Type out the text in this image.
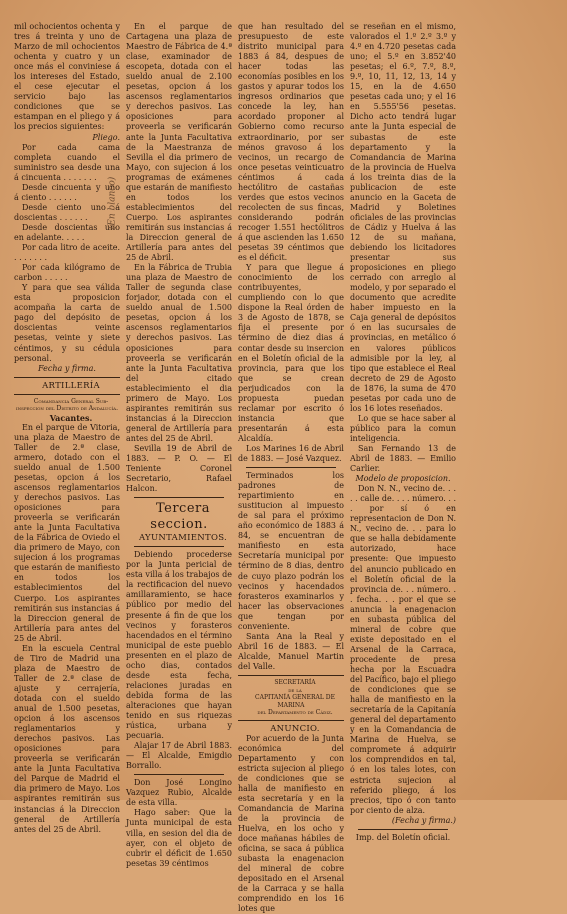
mil ochocientos ochenta y tres á treinta y uno de Marzo de mil ochocientos ochenta y cuatro y un once más el conviniese á los intereses del Estado, el cese ejecutar el servicio bajo las condiciones que se estampan en el pliego y á los precios siguientes:

Pliego.

Por cada cama completa cuando el suministro sea desde una á cincuenta . . . . . . .

Desde cincuenta y uno á ciento . . . . . .

Desde ciento uno á doscientas . . . . . .

Desde doscientas uno en adelante. . . . .

Por cada litro de aceite. . . . . . . .

Por cada kilógramo de carbon . . . . .

Y para que sea válida esta proposicion acompaña la carta de pago del depósito de doscientas veinte pesetas, veinte y siete céntimos, y su cédula personal.

Fecha y firma.

ARTILLERÍA

Comandancia General Sub-inspeccion del Distrito de Andalucía.

Vacantes.

En el parque de Vitoria, una plaza de Maestro de Taller de 2.ª clase, armero, dotado con el sueldo anual de 1.500 pesetas, opcion á los ascensos reglamentarios y derechos pasivos. Las oposiciones para proveerla se verificarán ante la Junta Facultativa de la Fábrica de Oviedo el dia primero de Mayo, con sujecion á los programas que estarán de manifiesto en todos los establecimientos del Cuerpo. Los aspirantes remitirán sus instancias á la Direccion general de Artillería para antes del 25 de Abril.

En la escuela Central de Tiro de Madrid una plaza de Maestro de Taller de 2.ª clase de ajuste y cerrajería, dotada con el sueldo anual de 1.500 pesetas, opcion á los ascensos reglamentarios y derechos pasivos. Las oposiciones para proveerla se verificarán ante la Junta Facultativa del Parque de Madrid el dia primero de Mayo. Los aspirantes remitirán sus instancias á la Direccion general de Artillería antes del 25 de Abril.

En el parque de Cartagena una plaza de Maestro de Fábrica de 4.ª clase, examinador de escopeta, dotada con el sueldo anual de 2.100 pesetas, opcion á los ascensos reglamentarios y derechos pasivos. Las oposiciones para proveerla se verificarán ante la Junta Facultativa de la Maestranza de Sevilla el dia primero de Mayo, con sujecion á los programas de exámenes que estarán de manifiesto en todos los establecimientos del Cuerpo. Los aspirantes remitirán sus instancias á la Direccion general de Artillería para antes del 25 de Abril.

En la Fábrica de Trubia una plaza de Maestro de Taller de segunda clase forjador, dotada con el sueldo anual de 1.500 pesetas, opcion á los ascensos reglamentarios y derechos pasivos. Las oposiciones para proveerla se verificarán ante la Junta Facultativa del citado establecimiento el dia primero de Mayo. Los aspirantes remitirán sus instancias á la Direccion general de Artillería para antes del 25 de Abril.

Sevilla 19 de Abril de 1883. — P. O. — El Teniente Coronel Secretario, Rafael Halcon.

Tercera seccion.

AYUNTAMIENTOS.

Debiendo procederse por la Junta pericial de esta villa á los trabajos de la rectificacion del nuevo amillaramiento, se hace público por medio del presente á fin de que los vecinos y forasteros hacendados en el término municipal de este pueblo presenten en el plazo de ocho dias, contados desde esta fecha, relaciones juradas en debida forma de las alteraciones que hayan tenido en sus riquezas rústica, urbana y pecuaria.

Alajar 17 de Abril 1883. — El Alcalde, Emigdio Borrallo.

Don José Longino Vazquez Rubio, Alcalde de esta villa.

Hago saber: Que la Junta municipal de esta villa, en sesion del dia de ayer, con el objeto de cubrir el déficit de 1.650 pesetas 39 céntimos

que han resultado del presupuesto de este distrito municipal para 1883 á 84, despues de hacer todas las economías posibles en los gastos y apurar todos los ingresos ordinarios que concede la ley, han acordado proponer al Gobierno como recurso extraordinario, por ser ménos gravoso á los vecinos, un recargo de once pesetas veinticuatro céntimos á cada hectólitro de castañas verdes que estos vecinos recolecten de sus fincas, considerando podrán recoger 1.551 hectólitros á que ascienden las 1.650 pesetas 39 céntimos que es el déficit.

Y para que llegue á conocimiento de los contribuyentes, cumpliendo con lo que dispone la Real órden de 3 de Agosto de 1878, se fija el presente por término de diez dias á contar desde su insercion en el Boletín oficial de la provincia, para que los que se crean perjudicados con la propuesta puedan reclamar por escrito ó instancia que presentarán á esta Alcaldía.

Los Marines 16 de Abril de 1883. — José Vazquez.

Terminados los padrones de repartimiento en sustitucion al impuesto de sal para el próximo año económico de 1883 á 84, se encuentran de manifiesto en esta Secretaría municipal por término de 8 dias, dentro de cuyo plazo podrán los vecinos y hacendados forasteros examinarlos y hacer las observaciones que tengan por conveniente.

Santa Ana la Real y Abril 16 de 1883. — El Alcalde, Manuel Martin del Valle.

SECRETARÍA

de la

CAPITANÍA GENERAL DE MARINA

del Departamento de Cádiz.

ANUNCIO.

Por acuerdo de la Junta económica del Departamento y con estricta sujecion al pliego de condiciones que se halla de manifiesto en esta secretaría y en la Comandancia de Marina de la provincia de Huelva, en los ocho y doce mañanas hábiles de oficina, se saca á pública subasta la enagenacion del mineral de cobre depositado en el Arsenal de la Carraca y se halla comprendido en los 16 lotes que

se reseñan en el mismo, valorados el 1.º 2.º 3.º y 4.º en 4.720 pesetas cada uno; el 5.º en 3.852'40 pesetas; el 6.º, 7.º, 8.º, 9.º, 10, 11, 12, 13, 14 y 15, en la de 4.650 pesetas cada uno; y el 16 en 5.555'56 pesetas. Dicho acto tendrá lugar ante la Junta especial de subastas de este departamento y la Comandancia de Marina de la provincia de Huelva á los treinta dias de la publicacion de este anuncio en la Gaceta de Madrid y Boletines oficiales de las provincias de Cádiz y Huelva á las 12 de su mañana, debiendo los licitadores presentar sus proposiciones en pliego cerrado con arreglo al modelo, y por separado el documento que acredite haber impuesto en la Caja general de depósitos ó en las sucursales de provincias, en metálico ó en valores públicos admisible por la ley, al tipo que establece el Real decreto de 29 de Agosto de 1876, la suma de 470 pesetas por cada uno de los 16 lotes reseñados.

Lo que se hace saber al público para la comun inteligencia.

San Fernando 13 de Abril de 1883. — Emilio Carlier.

Modelo de proposicion.

Don N. N., vecino de. . . . . calle de. . . . número. . . . por sí ó en representacion de Don N. N., vecino de. . . para lo que se halla debidamente autorizado, hace presente: Que impuesto del anuncio publicado en el Boletín oficial de la provincia de. . . número. . . fecha. . . por el que se anuncia la enagenacion en subasta pública del mineral de cobre que existe depositado en el Arsenal de la Carraca, procedente de presa hecha por la Escuadra del Pacífico, bajo el pliego de condiciones que se halla de manifiesto en la secretaría de la Capitanía general del departamento y en la Comandancia de Marina de Huelva, se compromete á adquirir los comprendidos en tal, ó en los tales lotes, con estricta sujecion al referido pliego, á los precios, tipo ó con tanto por ciento de alza.

(Fecha y firma.)

Imp. del Boletín oficial.

(En blanco)
